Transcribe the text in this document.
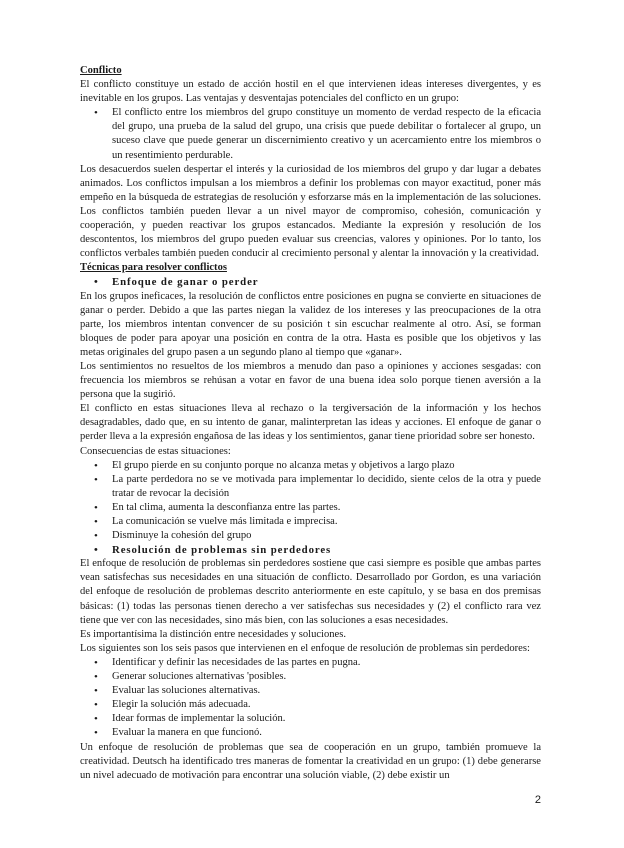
Conflicto

El conflicto constituye un estado de acción hostil en el que intervienen ideas intereses divergentes, y es inevitable en los grupos. Las ventajas y desventajas potenciales del conflicto en un grupo:

• El conflicto entre los miembros del grupo constituye un momento de verdad respecto de la eficacia del grupo, una prueba de la salud del grupo, una crisis que puede debilitar o fortalecer al grupo, un suceso clave que puede generar un discernimiento creativo y un acercamiento entre los miembros o un resentimiento perdurable.

Los desacuerdos suelen despertar el interés y la curiosidad de los miembros del grupo y dar lugar a debates animados. Los conflictos impulsan a los miembros a definir los problemas con mayor exactitud, poner más empeño en la búsqueda de estrategias de resolución y esforzarse más en la implementación de las soluciones. Los conflictos también pueden llevar a un nivel mayor de compromiso, cohesión, comunicación y cooperación, y pueden reactivar los grupos estancados. Mediante la expresión y resolución de los descontentos, los miembros del grupo pueden evaluar sus creencias, valores y opiniones. Por lo tanto, los conflictos verbales también pueden conducir al crecimiento personal y alentar la innovación y la creatividad.

Técnicas para resolver conflictos
• Enfoque de ganar o perder

En los grupos ineficaces, la resolución de conflictos entre posiciones en pugna se convierte en situaciones de ganar o perder. Debido a que las partes niegan la validez de los intereses y las preocupaciones de la otra parte, los miembros intentan convencer de su posición t sin escuchar realmente al otro. Así, se forman bloques de poder para apoyar una posición en contra de la otra. Hasta es posible que los objetivos y las metas originales del grupo pasen a un segundo plano al tiempo que «ganar».

Los sentimientos no resueltos de los miembros a menudo dan paso a opiniones y acciones sesgadas: con frecuencia los miembros se rehúsan a votar en favor de una buena idea solo porque tienen aversión a la persona que la sugirió.

El conflicto en estas situaciones lleva al rechazo o la tergiversación de la información y los hechos desagradables, dado que, en su intento de ganar, malinterpretan las ideas y acciones. El enfoque de ganar o perder lleva a la expresión engañosa de las ideas y los sentimientos, ganar tiene prioridad sobre ser honesto.

Consecuencias de estas situaciones:

• El grupo pierde en su conjunto porque no alcanza metas y objetivos a largo plazo
• La parte perdedora no se ve motivada para implementar lo decidido, siente celos de la otra y puede tratar de revocar la decisión
• En tal clima, aumenta la desconfianza entre las partes.
• La comunicación se vuelve más limitada e imprecisa.
• Disminuye la cohesión del grupo
• Resolución de problemas sin perdedores

El enfoque de resolución de problemas sin perdedores sostiene que casi siempre es posible que ambas partes vean satisfechas sus necesidades en una situación de conflicto. Desarrollado por Gordon, es una variación del enfoque de resolución de problemas descrito anteriormente en este capítulo, y se basa en dos premisas básicas: (1) todas las personas tienen derecho a ver satisfechas sus necesidades y (2) el conflicto rara vez tiene que ver con las necesidades, sino más bien, con las soluciones a esas necesidades.

Es importantísima la distinción entre necesidades y soluciones.

Los siguientes son los seis pasos que intervienen en el enfoque de resolución de problemas sin perdedores:

• Identificar y definir las necesidades de las partes en pugna.
• Generar soluciones alternativas 'posibles.
• Evaluar las soluciones alternativas.
• Elegir la solución más adecuada.
• Idear formas de implementar la solución.
• Evaluar la manera en que funcionó.

Un enfoque de resolución de problemas que sea de cooperación en un grupo, también promueve la creatividad. Deutsch ha identificado tres maneras de fomentar la creatividad en un grupo: (1) debe generarse un nivel adecuado de motivación para encontrar una solución viable, (2) debe existir un

2
